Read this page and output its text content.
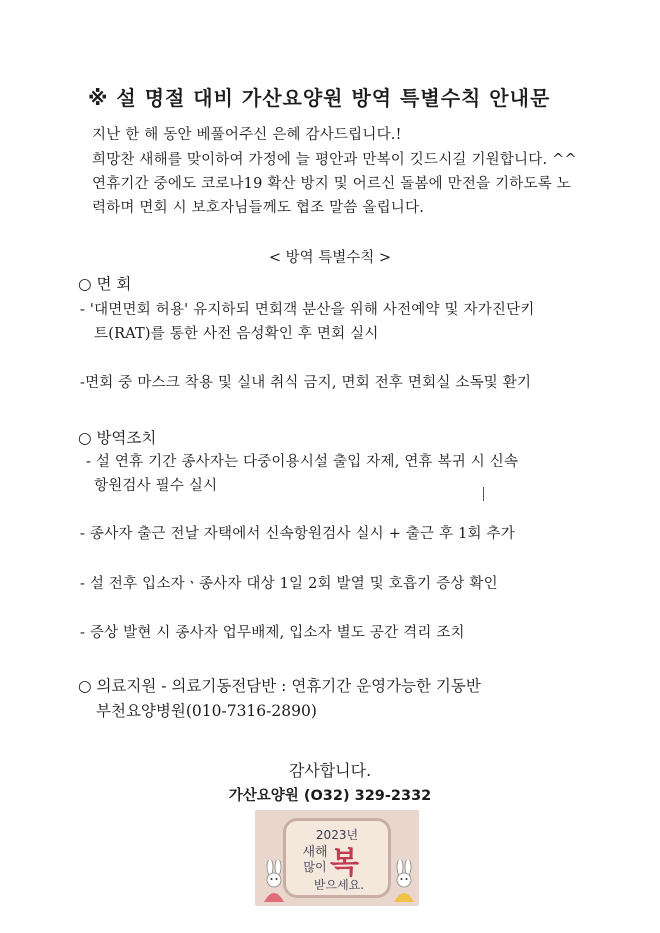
※ 설 명절 대비 가산요양원 방역 특별수칙 안내문
지난 한 해 동안 베풀어주신 은혜 감사드립니다.!
희망찬 새해를 맞이하여 가정에 늘 평안과 만복이 깃드시길 기원합니다. ^^
연휴기간 중에도 코로나19 확산 방지 및 어르신 돌봄에 만전을 기하도록 노
력하며 면회 시 보호자님들께도 협조 말씀 올립니다.
< 방역 특별수칙 >
○ 면 회
- '대면면회 허용' 유지하되 면회객 분산을 위해 사전예약 및 자가진단키
트(RAT)를 통한 사전 음성확인 후 면회 실시
-면회 중 마스크 착용 및 실내 취식 금지, 면회 전후 면회실 소독및 환기
○ 방역조치
- 설 연휴 기간 종사자는 다중이용시설 출입 자제, 연휴 복귀 시 신속
항원검사 필수 실시
- 종사자 출근 전날 자택에서 신속항원검사 실시 + 출근 후 1회 추가
- 설 전후 입소자ㆍ종사자 대상 1일 2회 발열 및 호흡기 증상 확인
- 증상 발현 시 종사자 업무배제, 입소자 별도 공간 격리 조치
○ 의료지원 - 의료기동전담반 : 연휴기간 운영가능한 기동반
부천요양병원(010-7316-2890)
감사합니다.
가산요양원 (O32) 329-2332
2023년
새해
많이 복
받으세요.
